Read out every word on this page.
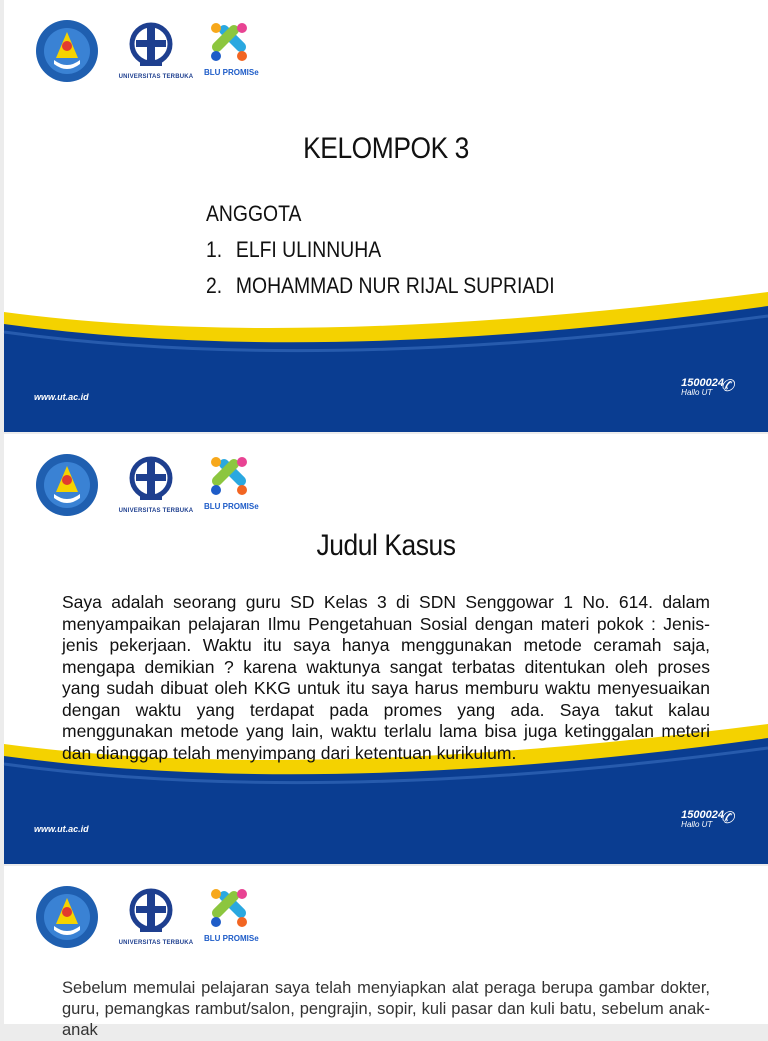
UNIVERSITAS TERBUKA	BLU PROMISe
KELOMPOK 3
ANGGOTA
1. ELFI ULINNUHA
2. MOHAMMAD NUR RIJAL SUPRIADI
www.ut.ac.id
1500024
Hallo UT ✆
UNIVERSITAS TERBUKA	BLU PROMISe
Judul Kasus
www.ut.ac.id
1500024
Hallo UT ✆
Saya adalah seorang guru SD Kelas 3 di SDN Senggowar 1 No. 614. dalam menyampaikan pelajaran Ilmu Pengetahuan Sosial dengan materi pokok : Jenis-jenis pekerjaan. Waktu itu saya hanya menggunakan metode ceramah saja, mengapa demikian ? karena waktunya sangat terbatas ditentukan oleh proses yang sudah dibuat oleh KKG untuk itu saya harus memburu waktu menyesuaikan dengan waktu yang terdapat pada promes yang ada. Saya takut kalau menggunakan metode yang lain, waktu terlalu lama bisa juga ketinggalan meteri dan dianggap telah menyimpang dari ketentuan kurikulum.
UNIVERSITAS TERBUKA	BLU PROMISe
Sebelum memulai pelajaran saya telah menyiapkan alat peraga berupa gambar dokter, guru, pemangkas rambut/salon, pengrajin, sopir, kuli pasar dan kuli batu, sebelum anak-anak
